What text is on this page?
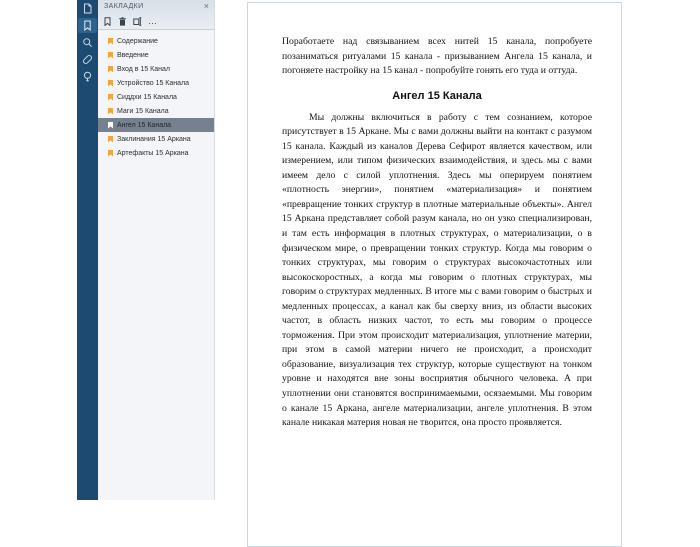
ЗАКЛАДКИ	×
…
Содержание
Введение
Вход в 15 Канал
Устройство 15 Канала
Сиддхи 15 Канала
Маги 15 Канала
Ангел 15 Канала
Заклинания 15 Аркана
Артефакты 15 Аркана

Поработаете над связыванием всех нитей 15 канала, попробуете позаниматься ритуалами 15 канала - призыванием Ангела 15 канала, и погоняете настройку на 15 канал - попробуйте гонять его туда и оттуда.

Ангел 15 Канала

Мы должны включиться в работу с тем сознанием, которое присутствует в 15 Аркане. Мы с вами должны выйти на контакт с разумом 15 канала. Каждый из каналов Дерева Сефирот является качеством, или измерением, или типом физических взаимодействия, и здесь мы с вами имеем дело с силой уплотнения. Здесь мы оперируем понятием «плотность энергии», понятием «материализация» и понятием «превращение тонких структур в плотные материальные объекты». Ангел 15 Аркана представляет собой разум канала, но он узко специализирован, и там есть информация в плотных структурах, о материализации, о в физическом мире, о превращении тонких структур. Когда мы говорим о тонких структурах, мы говорим о структурах высокочастотных или высокоскоростных, а когда мы говорим о плотных структурах, мы говорим о структурах медленных. В итоге мы с вами говорим о быстрых и медленных процессах, а канал как бы сверху вниз, из области высоких частот, в область низких частот, то есть мы говорим о процессе торможения. При этом происходит материализация, уплотнение материи, при этом в самой материи ничего не происходит, а происходит образование, визуализация тех структур, которые существуют на тонком уровне и находятся вне зоны восприятия обычного человека. А при уплотнении они становятся воспринимаемыми, осязаемыми. Мы говорим о канале 15 Аркана, ангеле материализации, ангеле уплотнения. В этом канале никакая материя новая не творится, она просто проявляется.
